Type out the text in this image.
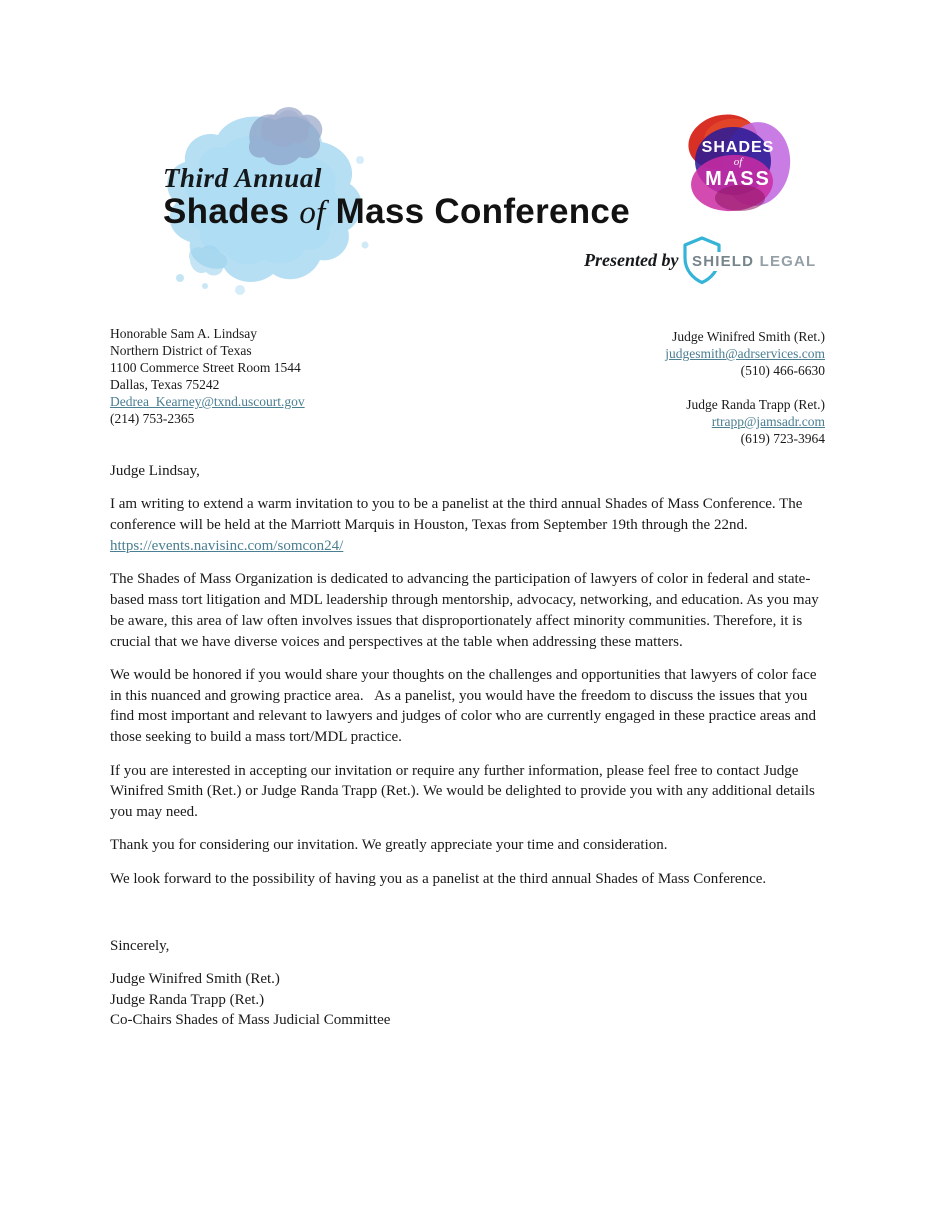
Third Annual
Shades of Mass Conference
SHADES
of
MASS
Presented by SHIELD LEGAL
Honorable Sam A. Lindsay
Northern District of Texas
1100 Commerce Street Room 1544
Dallas, Texas 75242
Dedrea_Kearney@txnd.uscourt.gov
(214) 753-2365
Judge Winifred Smith (Ret.)
judgesmith@adrservices.com
(510) 466-6630
Judge Randa Trapp (Ret.)
rtrapp@jamsadr.com
(619) 723-3964

Judge Lindsay,

I am writing to extend a warm invitation to you to be a panelist at the third annual Shades of Mass Conference. The conference will be held at the Marriott Marquis in Houston, Texas from September 19th through the 22nd. https://events.navisinc.com/somcon24/

The Shades of Mass Organization is dedicated to advancing the participation of lawyers of color in federal and state-based mass tort litigation and MDL leadership through mentorship, advocacy, networking, and education. As you may be aware, this area of law often involves issues that disproportionately affect minority communities. Therefore, it is crucial that we have diverse voices and perspectives at the table when addressing these matters.

We would be honored if you would share your thoughts on the challenges and opportunities that lawyers of color face in this nuanced and growing practice area.   As a panelist, you would have the freedom to discuss the issues that you find most important and relevant to lawyers and judges of color who are currently engaged in these practice areas and those seeking to build a mass tort/MDL practice.

If you are interested in accepting our invitation or require any further information, please feel free to contact Judge Winifred Smith (Ret.) or Judge Randa Trapp (Ret.). We would be delighted to provide you with any additional details you may need.

Thank you for considering our invitation. We greatly appreciate your time and consideration.

We look forward to the possibility of having you as a panelist at the third annual Shades of Mass Conference.

Sincerely,

Judge Winifred Smith (Ret.)
Judge Randa Trapp (Ret.)
Co-Chairs Shades of Mass Judicial Committee
